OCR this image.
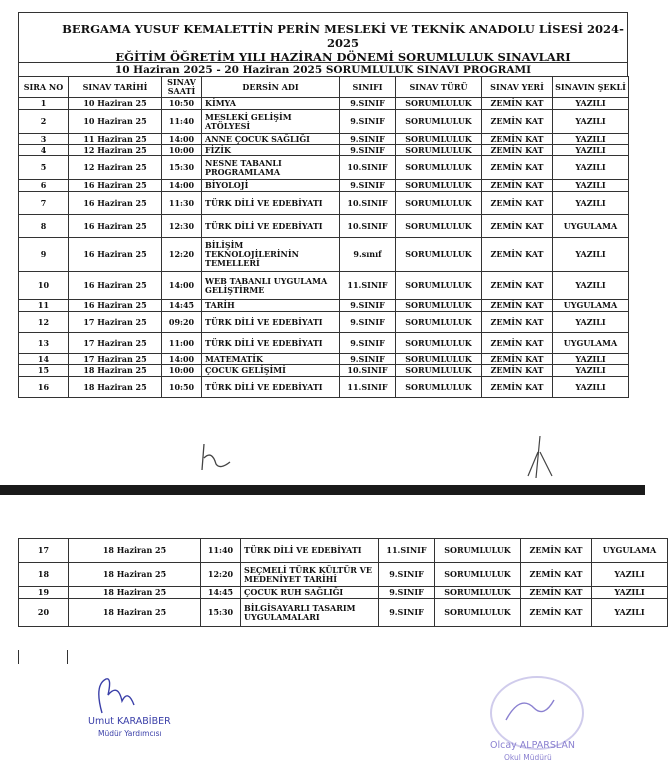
BERGAMA YUSUF KEMALETTİN PERİN MESLEKİ VE TEKNİK ANADOLU LİSESİ 2024-2025
EĞİTİM ÖĞRETİM YILI HAZİRAN DÖNEMİ SORUMLULUK SINAVLARI
10 Haziran 2025 - 20 Haziran 2025 SORUMLULUK SINAVI PROGRAMI
SIRA NO	SINAV TARİHİ	SINAV SAATİ	DERSİN ADI	SINIFI	SINAV TÜRÜ	SINAV YERİ	SINAVIN ŞEKLİ
1	10 Haziran 25	10:50	KİMYA	9.SINIF	SORUMLULUK	ZEMİN KAT	YAZILI
2	10 Haziran 25	11:40	MESLEKİ GELİŞİM ATÖLYESİ	9.SINIF	SORUMLULUK	ZEMİN KAT	YAZILI
3	11 Haziran 25	14:00	ANNE ÇOCUK SAĞLIĞI	9.SINIF	SORUMLULUK	ZEMİN KAT	YAZILI
4	12 Haziran 25	10:00	FİZİK	9.SINIF	SORUMLULUK	ZEMİN KAT	YAZILI
5	12 Haziran 25	15:30	NESNE TABANLI PROGRAMLAMA	10.SINIF	SORUMLULUK	ZEMİN KAT	YAZILI
6	16 Haziran 25	14:00	BİYOLOJİ	9.SINIF	SORUMLULUK	ZEMİN KAT	YAZILI
7	16 Haziran 25	11:30	TÜRK DİLİ VE EDEBİYATI	10.SINIF	SORUMLULUK	ZEMİN KAT	YAZILI
8	16 Haziran 25	12:30	TÜRK DİLİ VE EDEBİYATI	10.SINIF	SORUMLULUK	ZEMİN KAT	UYGULAMA
9	16 Haziran 25	12:20	BİLİŞİM TEKNOLOJİLERİNİN TEMELLERİ	9.sınıf	SORUMLULUK	ZEMİN KAT	YAZILI
10	16 Haziran 25	14:00	WEB TABANLI UYGULAMA GELİŞTİRME	11.SINIF	SORUMLULUK	ZEMİN KAT	YAZILI
11	16 Haziran 25	14:45	TARİH	9.SINIF	SORUMLULUK	ZEMİN KAT	UYGULAMA
12	17 Haziran 25	09:20	TÜRK DİLİ VE EDEBİYATI	9.SINIF	SORUMLULUK	ZEMİN KAT	YAZILI
13	17 Haziran 25	11:00	TÜRK DİLİ VE EDEBİYATI	9.SINIF	SORUMLULUK	ZEMİN KAT	UYGULAMA
14	17 Haziran 25	14:00	MATEMATİK	9.SINIF	SORUMLULUK	ZEMİN KAT	YAZILI
15	18 Haziran 25	10:00	ÇOCUK GELİŞİMİ	10.SINIF	SORUMLULUK	ZEMİN KAT	YAZILI
16	18 Haziran 25	10:50	TÜRK DİLİ VE EDEBİYATI	11.SINIF	SORUMLULUK	ZEMİN KAT	YAZILI
17	18 Haziran 25	11:40	TÜRK DİLİ VE EDEBİYATI	11.SINIF	SORUMLULUK	ZEMİN KAT	UYGULAMA
18	18 Haziran 25	12:20	SEÇMELİ TÜRK KÜLTÜR VE MEDENİYET TARİHİ	9.SINIF	SORUMLULUK	ZEMİN KAT	YAZILI
19	18 Haziran 25	14:45	ÇOCUK RUH SAĞLIĞI	9.SINIF	SORUMLULUK	ZEMİN KAT	YAZILI
20	18 Haziran 25	15:30	BİLGİSAYARLI TASARIM UYGULAMALARI	9.SINIF	SORUMLULUK	ZEMİN KAT	YAZILI
Umut KARABİBER
Müdür Yardımcısı
Olcay ALPARSLAN
Okul Müdürü
